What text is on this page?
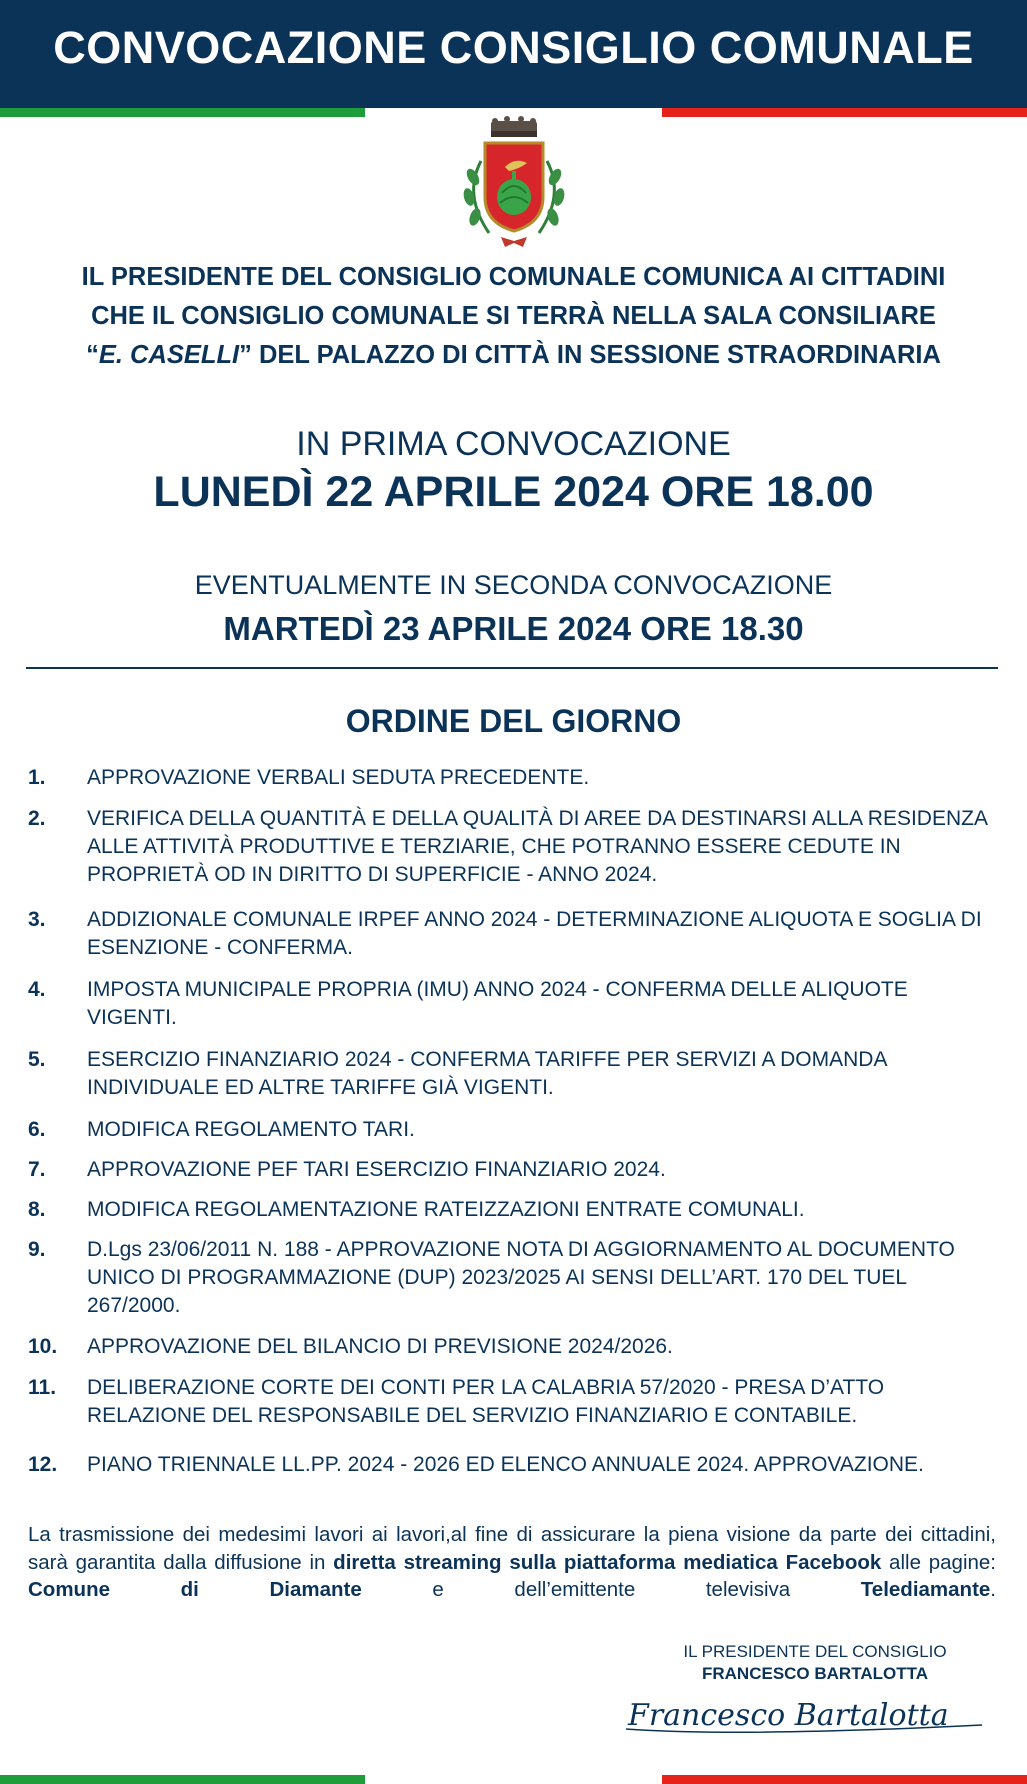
CONVOCAZIONE CONSIGLIO COMUNALE
IL PRESIDENTE DEL CONSIGLIO COMUNALE COMUNICA AI CITTADINI
CHE IL CONSIGLIO COMUNALE SI TERRÀ NELLA SALA CONSILIARE
“E. CASELLI” DEL PALAZZO DI CITTÀ IN SESSIONE STRAORDINARIA
IN PRIMA CONVOCAZIONE
LUNEDÌ 22 APRILE 2024 ORE 18.00
EVENTUALMENTE IN SECONDA CONVOCAZIONE
MARTEDÌ 23 APRILE 2024 ORE 18.30
ORDINE DEL GIORNO
1. APPROVAZIONE VERBALI SEDUTA PRECEDENTE.
2. VERIFICA DELLA QUANTITÀ E DELLA QUALITÀ DI AREE DA DESTINARSI ALLA RESIDENZA ALLE ATTIVITÀ PRODUTTIVE E TERZIARIE, CHE POTRANNO ESSERE CEDUTE IN PROPRIETÀ OD IN DIRITTO DI SUPERFICIE - ANNO 2024.
3. ADDIZIONALE COMUNALE IRPEF ANNO 2024 - DETERMINAZIONE ALIQUOTA E SOGLIA DI ESENZIONE - CONFERMA.
4. IMPOSTA MUNICIPALE PROPRIA (IMU) ANNO 2024 - CONFERMA DELLE ALIQUOTE VIGENTI.
5. ESERCIZIO FINANZIARIO 2024 - CONFERMA TARIFFE PER SERVIZI A DOMANDA INDIVIDUALE ED ALTRE TARIFFE GIÀ VIGENTI.
6. MODIFICA REGOLAMENTO TARI.
7. APPROVAZIONE PEF TARI ESERCIZIO FINANZIARIO 2024.
8. MODIFICA REGOLAMENTAZIONE RATEIZZAZIONI ENTRATE COMUNALI.
9. D.Lgs 23/06/2011 N. 188 - APPROVAZIONE NOTA DI AGGIORNAMENTO AL DOCUMENTO UNICO DI PROGRAMMAZIONE (DUP) 2023/2025 AI SENSI DELL’ART. 170 DEL TUEL 267/2000.
10. APPROVAZIONE DEL BILANCIO DI PREVISIONE 2024/2026.
11. DELIBERAZIONE CORTE DEI CONTI PER LA CALABRIA 57/2020 - PRESA D’ATTO RELAZIONE DEL RESPONSABILE DEL SERVIZIO FINANZIARIO E CONTABILE.
12. PIANO TRIENNALE LL.PP. 2024 - 2026 ED ELENCO ANNUALE 2024. APPROVAZIONE.
La trasmissione dei medesimi lavori ai lavori,al fine di assicurare la piena visione da parte dei cittadini, sarà garantita dalla diffusione in diretta streaming sulla piattaforma mediatica Facebook alle pagine: Comune di Diamante e dell’emittente televisiva Telediamante.
IL PRESIDENTE DEL CONSIGLIO
FRANCESCO BARTALOTTA
Francesco Bartalotta
